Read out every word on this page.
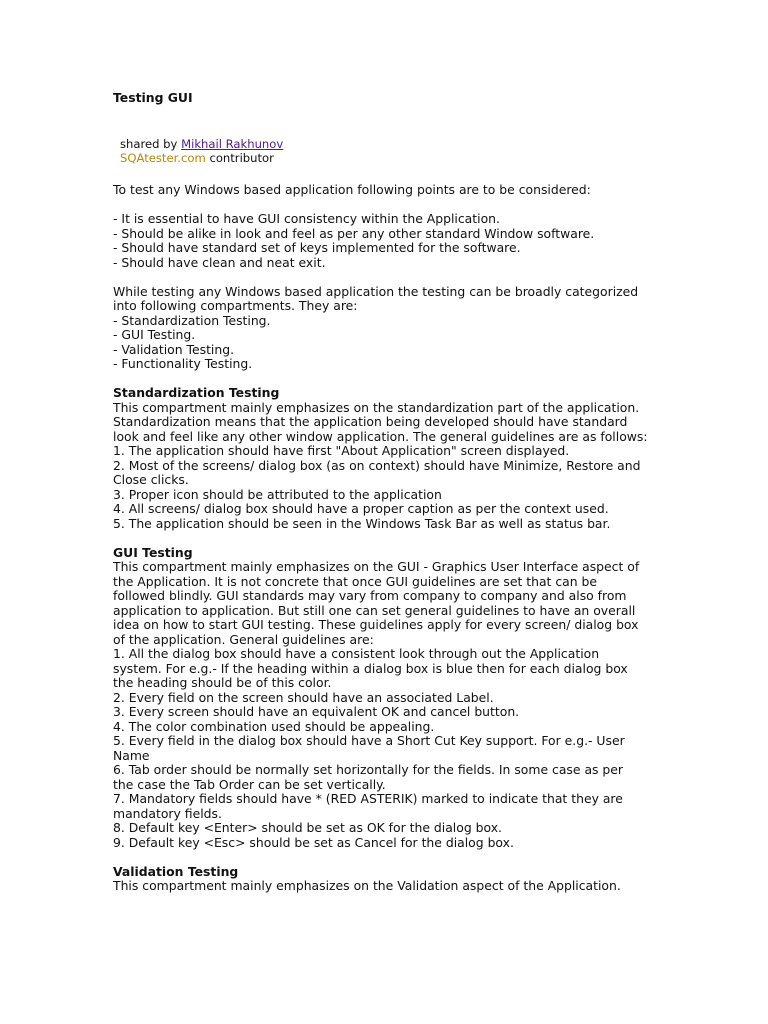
Testing GUI
shared by Mikhail Rakhunov
SQAtester.com contributor
To test any Windows based application following points are to be considered:
- It is essential to have GUI consistency within the Application.
- Should be alike in look and feel as per any other standard Window software.
- Should have standard set of keys implemented for the software.
- Should have clean and neat exit.
While testing any Windows based application the testing can be broadly categorized
into following compartments. They are:
- Standardization Testing.
- GUI Testing.
- Validation Testing.
- Functionality Testing.
Standardization Testing
This compartment mainly emphasizes on the standardization part of the application.
Standardization means that the application being developed should have standard
look and feel like any other window application. The general guidelines are as follows:
1. The application should have first "About Application" screen displayed.
2. Most of the screens/ dialog box (as on context) should have Minimize, Restore and
Close clicks.
3. Proper icon should be attributed to the application
4. All screens/ dialog box should have a proper caption as per the context used.
5. The application should be seen in the Windows Task Bar as well as status bar.
GUI Testing
This compartment mainly emphasizes on the GUI - Graphics User Interface aspect of
the Application. It is not concrete that once GUI guidelines are set that can be
followed blindly. GUI standards may vary from company to company and also from
application to application. But still one can set general guidelines to have an overall
idea on how to start GUI testing. These guidelines apply for every screen/ dialog box
of the application. General guidelines are:
1. All the dialog box should have a consistent look through out the Application
system. For e.g.- If the heading within a dialog box is blue then for each dialog box
the heading should be of this color.
2. Every field on the screen should have an associated Label.
3. Every screen should have an equivalent OK and cancel button.
4. The color combination used should be appealing.
5. Every field in the dialog box should have a Short Cut Key support. For e.g.- User
Name
6. Tab order should be normally set horizontally for the fields. In some case as per
the case the Tab Order can be set vertically.
7. Mandatory fields should have * (RED ASTERIK) marked to indicate that they are
mandatory fields.
8. Default key <Enter> should be set as OK for the dialog box.
9. Default key <Esc> should be set as Cancel for the dialog box.
Validation Testing
This compartment mainly emphasizes on the Validation aspect of the Application.
